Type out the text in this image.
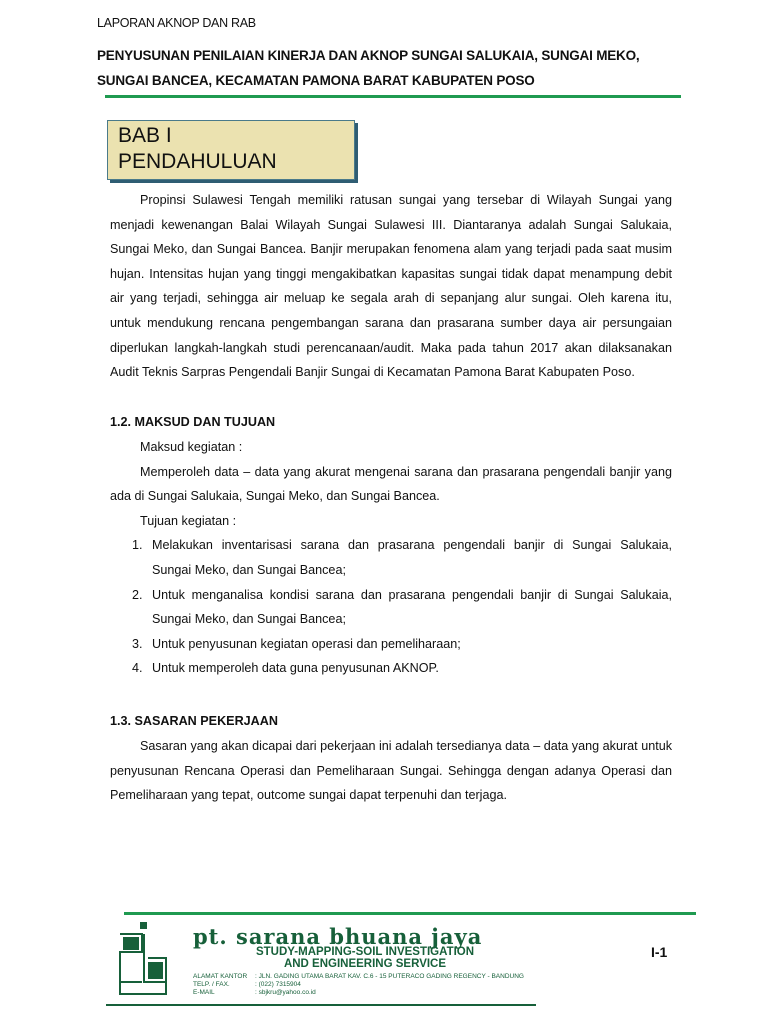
LAPORAN AKNOP DAN RAB
PENYUSUNAN PENILAIAN KINERJA DAN AKNOP SUNGAI SALUKAIA, SUNGAI MEKO,
SUNGAI BANCEA, KECAMATAN PAMONA BARAT KABUPATEN POSO
BAB I
PENDAHULUAN
Propinsi Sulawesi Tengah memiliki ratusan sungai yang tersebar di Wilayah Sungai yang
menjadi kewenangan Balai Wilayah Sungai Sulawesi III. Diantaranya adalah Sungai Salukaia,
Sungai Meko, dan Sungai Bancea. Banjir merupakan fenomena alam yang terjadi pada saat musim
hujan. Intensitas hujan yang tinggi mengakibatkan kapasitas sungai tidak dapat menampung debit
air yang terjadi, sehingga air meluap ke segala arah di sepanjang alur sungai. Oleh karena itu,
untuk mendukung rencana pengembangan sarana dan prasarana sumber daya air persungaian
diperlukan langkah-langkah studi perencanaan/audit. Maka pada tahun 2017 akan dilaksanakan
Audit Teknis Sarpras Pengendali Banjir Sungai di Kecamatan Pamona Barat Kabupaten Poso.
1.2. MAKSUD DAN TUJUAN
Maksud kegiatan :
Memperoleh data – data yang akurat mengenai sarana dan prasarana pengendali banjir yang
ada di Sungai Salukaia, Sungai Meko, dan Sungai Bancea.
Tujuan kegiatan :
1. Melakukan inventarisasi sarana dan prasarana pengendali banjir di Sungai Salukaia,
Sungai Meko, dan Sungai Bancea;
2. Untuk menganalisa kondisi sarana dan prasarana pengendali banjir di Sungai Salukaia,
Sungai Meko, dan Sungai Bancea;
3. Untuk penyusunan kegiatan operasi dan pemeliharaan;
4. Untuk memperoleh data guna penyusunan AKNOP.
1.3. SASARAN PEKERJAAN
Sasaran yang akan dicapai dari pekerjaan ini adalah tersedianya data – data yang akurat untuk
penyusunan Rencana Operasi dan Pemeliharaan Sungai. Sehingga dengan adanya Operasi dan
Pemeliharaan yang tepat, outcome sungai dapat terpenuhi dan terjaga.
pt. sarana bhuana jaya
STUDY-MAPPING-SOIL INVESTIGATION
AND ENGINEERING SERVICE
ALAMAT KANTOR : JLN. GADING UTAMA BARAT KAV. C.6 - 15 PUTERACO GADING REGENCY - BANDUNG
TELP. / FAX.	: (022) 7315904
E-MAIL	: sbjkru@yahoo.co.id
I-1
